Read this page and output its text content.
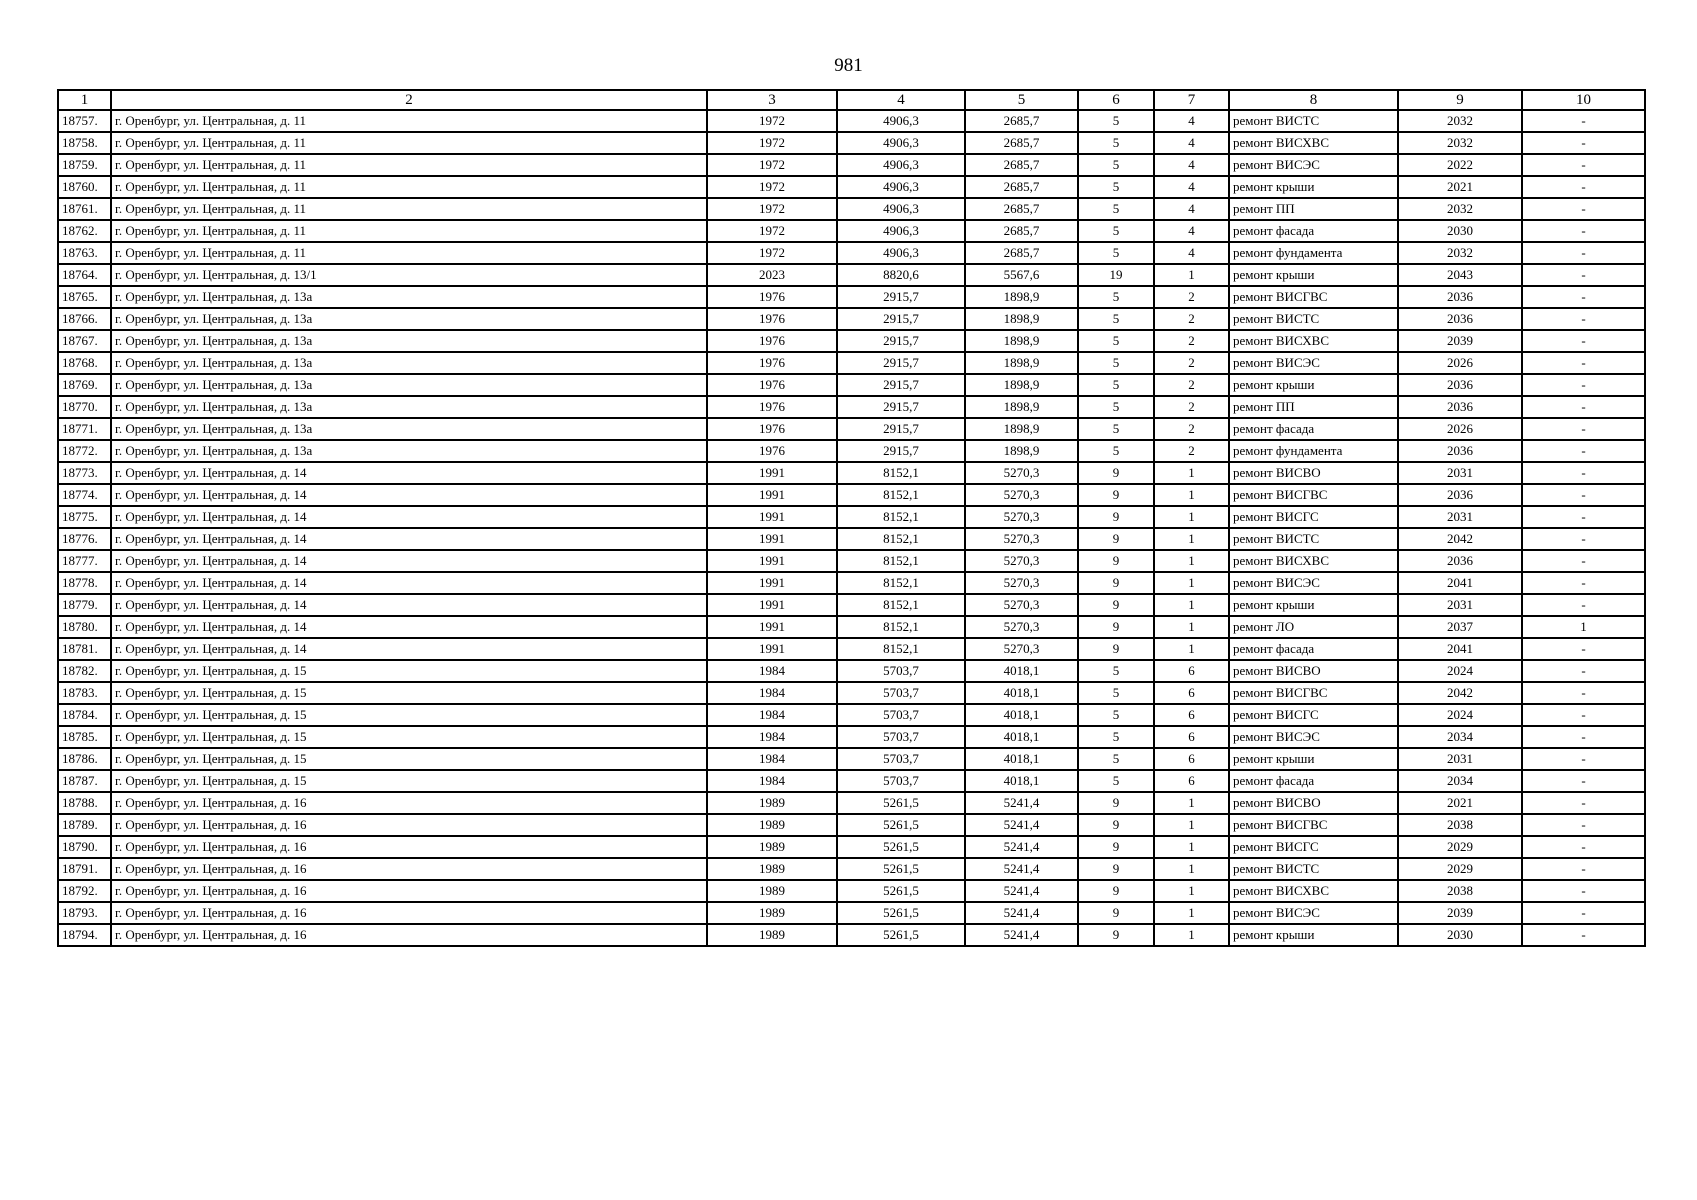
981
1	2	3	4	5	6	7	8	9	10
18757.	г. Оренбург, ул. Центральная, д. 11	1972	4906,3	2685,7	5	4	ремонт ВИСТС	2032	-
18758.	г. Оренбург, ул. Центральная, д. 11	1972	4906,3	2685,7	5	4	ремонт ВИСХВС	2032	-
18759.	г. Оренбург, ул. Центральная, д. 11	1972	4906,3	2685,7	5	4	ремонт ВИСЭС	2022	-
18760.	г. Оренбург, ул. Центральная, д. 11	1972	4906,3	2685,7	5	4	ремонт крыши	2021	-
18761.	г. Оренбург, ул. Центральная, д. 11	1972	4906,3	2685,7	5	4	ремонт ПП	2032	-
18762.	г. Оренбург, ул. Центральная, д. 11	1972	4906,3	2685,7	5	4	ремонт фасада	2030	-
18763.	г. Оренбург, ул. Центральная, д. 11	1972	4906,3	2685,7	5	4	ремонт фундамента	2032	-
18764.	г. Оренбург, ул. Центральная, д. 13/1	2023	8820,6	5567,6	19	1	ремонт крыши	2043	-
18765.	г. Оренбург, ул. Центральная, д. 13а	1976	2915,7	1898,9	5	2	ремонт ВИСГВС	2036	-
18766.	г. Оренбург, ул. Центральная, д. 13а	1976	2915,7	1898,9	5	2	ремонт ВИСТС	2036	-
18767.	г. Оренбург, ул. Центральная, д. 13а	1976	2915,7	1898,9	5	2	ремонт ВИСХВС	2039	-
18768.	г. Оренбург, ул. Центральная, д. 13а	1976	2915,7	1898,9	5	2	ремонт ВИСЭС	2026	-
18769.	г. Оренбург, ул. Центральная, д. 13а	1976	2915,7	1898,9	5	2	ремонт крыши	2036	-
18770.	г. Оренбург, ул. Центральная, д. 13а	1976	2915,7	1898,9	5	2	ремонт ПП	2036	-
18771.	г. Оренбург, ул. Центральная, д. 13а	1976	2915,7	1898,9	5	2	ремонт фасада	2026	-
18772.	г. Оренбург, ул. Центральная, д. 13а	1976	2915,7	1898,9	5	2	ремонт фундамента	2036	-
18773.	г. Оренбург, ул. Центральная, д. 14	1991	8152,1	5270,3	9	1	ремонт ВИСВО	2031	-
18774.	г. Оренбург, ул. Центральная, д. 14	1991	8152,1	5270,3	9	1	ремонт ВИСГВС	2036	-
18775.	г. Оренбург, ул. Центральная, д. 14	1991	8152,1	5270,3	9	1	ремонт ВИСГС	2031	-
18776.	г. Оренбург, ул. Центральная, д. 14	1991	8152,1	5270,3	9	1	ремонт ВИСТС	2042	-
18777.	г. Оренбург, ул. Центральная, д. 14	1991	8152,1	5270,3	9	1	ремонт ВИСХВС	2036	-
18778.	г. Оренбург, ул. Центральная, д. 14	1991	8152,1	5270,3	9	1	ремонт ВИСЭС	2041	-
18779.	г. Оренбург, ул. Центральная, д. 14	1991	8152,1	5270,3	9	1	ремонт крыши	2031	-
18780.	г. Оренбург, ул. Центральная, д. 14	1991	8152,1	5270,3	9	1	ремонт ЛО	2037	1
18781.	г. Оренбург, ул. Центральная, д. 14	1991	8152,1	5270,3	9	1	ремонт фасада	2041	-
18782.	г. Оренбург, ул. Центральная, д. 15	1984	5703,7	4018,1	5	6	ремонт ВИСВО	2024	-
18783.	г. Оренбург, ул. Центральная, д. 15	1984	5703,7	4018,1	5	6	ремонт ВИСГВС	2042	-
18784.	г. Оренбург, ул. Центральная, д. 15	1984	5703,7	4018,1	5	6	ремонт ВИСГС	2024	-
18785.	г. Оренбург, ул. Центральная, д. 15	1984	5703,7	4018,1	5	6	ремонт ВИСЭС	2034	-
18786.	г. Оренбург, ул. Центральная, д. 15	1984	5703,7	4018,1	5	6	ремонт крыши	2031	-
18787.	г. Оренбург, ул. Центральная, д. 15	1984	5703,7	4018,1	5	6	ремонт фасада	2034	-
18788.	г. Оренбург, ул. Центральная, д. 16	1989	5261,5	5241,4	9	1	ремонт ВИСВО	2021	-
18789.	г. Оренбург, ул. Центральная, д. 16	1989	5261,5	5241,4	9	1	ремонт ВИСГВС	2038	-
18790.	г. Оренбург, ул. Центральная, д. 16	1989	5261,5	5241,4	9	1	ремонт ВИСГС	2029	-
18791.	г. Оренбург, ул. Центральная, д. 16	1989	5261,5	5241,4	9	1	ремонт ВИСТС	2029	-
18792.	г. Оренбург, ул. Центральная, д. 16	1989	5261,5	5241,4	9	1	ремонт ВИСХВС	2038	-
18793.	г. Оренбург, ул. Центральная, д. 16	1989	5261,5	5241,4	9	1	ремонт ВИСЭС	2039	-
18794.	г. Оренбург, ул. Центральная, д. 16	1989	5261,5	5241,4	9	1	ремонт крыши	2030	-
